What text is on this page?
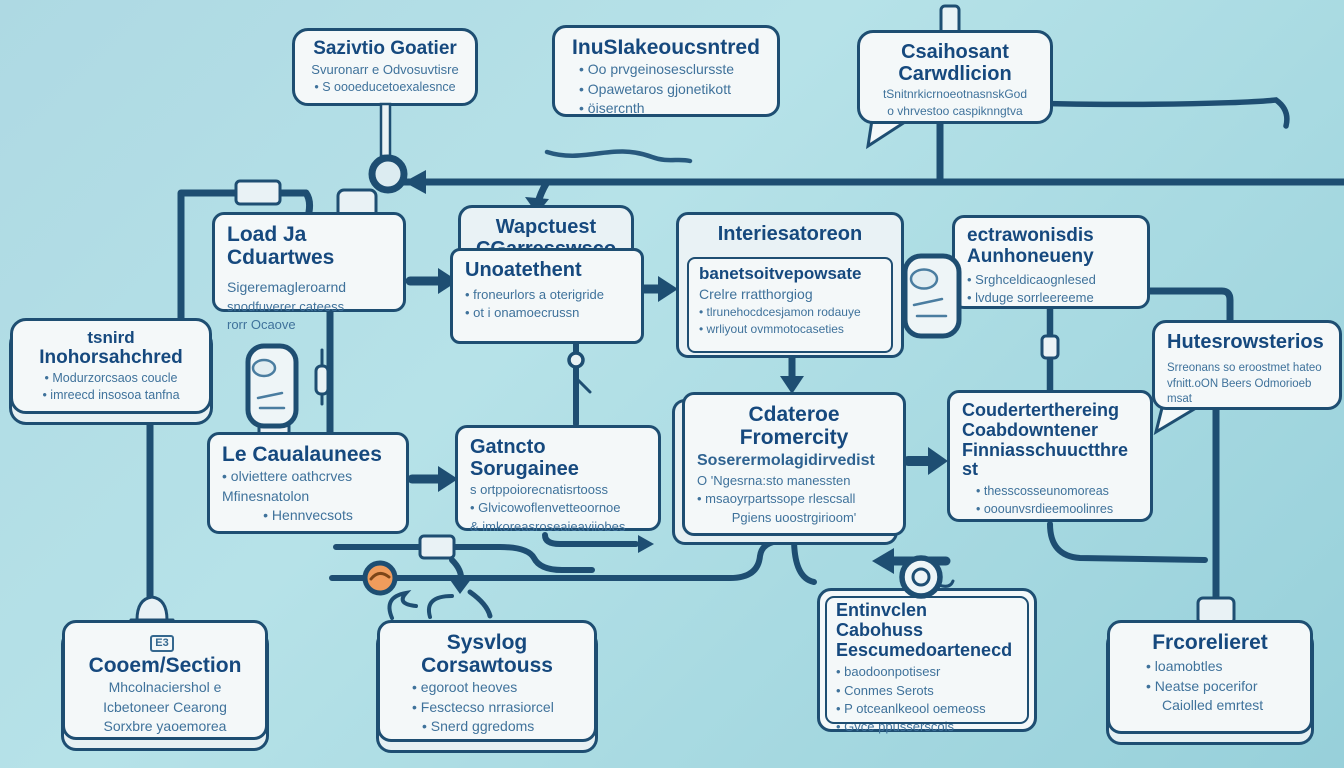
Sazivtio Goatier
Svuronarr e Odvosuvtisre
• S oooeducetoexalesnce
InuSIakeoucsntred
• Oo prvgeinosesclursste
• Opawetaros gjonetikott
• öisercnth
Csaihosant
Carwdlicion
tSnitnrkicrnoeotnasnskGod
o vhrvestoo caspiknngtva
Load Ja Cduartwes
Sigeremagleroarnd
snodfuverer cateess
rorr Ocaove
Wapctuest
Unoatethent
• froneurlors a oterigride
• ot i onamoecrussn
Interiesatoreon
banetsoitvepowsate
Crelre rratthorgiog
• tlrunehocdcesjamon rodauye
• wrliyout ovmmotocaseties
ectrawonisdis
Aunhoneueny
• Srghceldicaognlesed
• lvduge sorrleereeme
tsnird
Inohorsahchred
• Modurzorcsaos coucle
• imreecd insosoa tanfna
Hutesrowsterios
Srreonans so eroostmet hateo
vfnitt.oON Beers Odmorioeb msat
Le Caualaunees
• olviettere oathcrves
Mfinesnatolon
• Hennvecsots
Gatncto Sorugainee
s ortppoiorecnatisrtooss
• Glvicowoflenvetteoornoe
& imkoreasroseaieaviiobes
Cdateroe Fromercity
Soserermolagidirvedist
O 'Ngesrna:sto manessten
• msaoyrpartssope rlescsall
Pgiens uoostrgirioom'
Couderterthereing
Coabdowntener
Finniasschuuctthre st
• thesscosseunomoreas
• ooounvsrdieemoolinres
E3Cooem/Section
Mhcolnaciershol e
Icbetoneer Cearong
Sorxbre yaoemorea
Sysvlog Corsawtouss
• egoroot heoves
• Fesctecso nrrasiorcel
• Snerd ggredoms
Entinvclen Cabohuss
Eescumedoartenecd
• baodoonpotisesr
• Conmes Serots
• P otceanlkeool oemeoss
• Gvce ppusserscols
Frcorelieret
• loamobtles
• Neatse pocerifor
Caiolled emrtest
